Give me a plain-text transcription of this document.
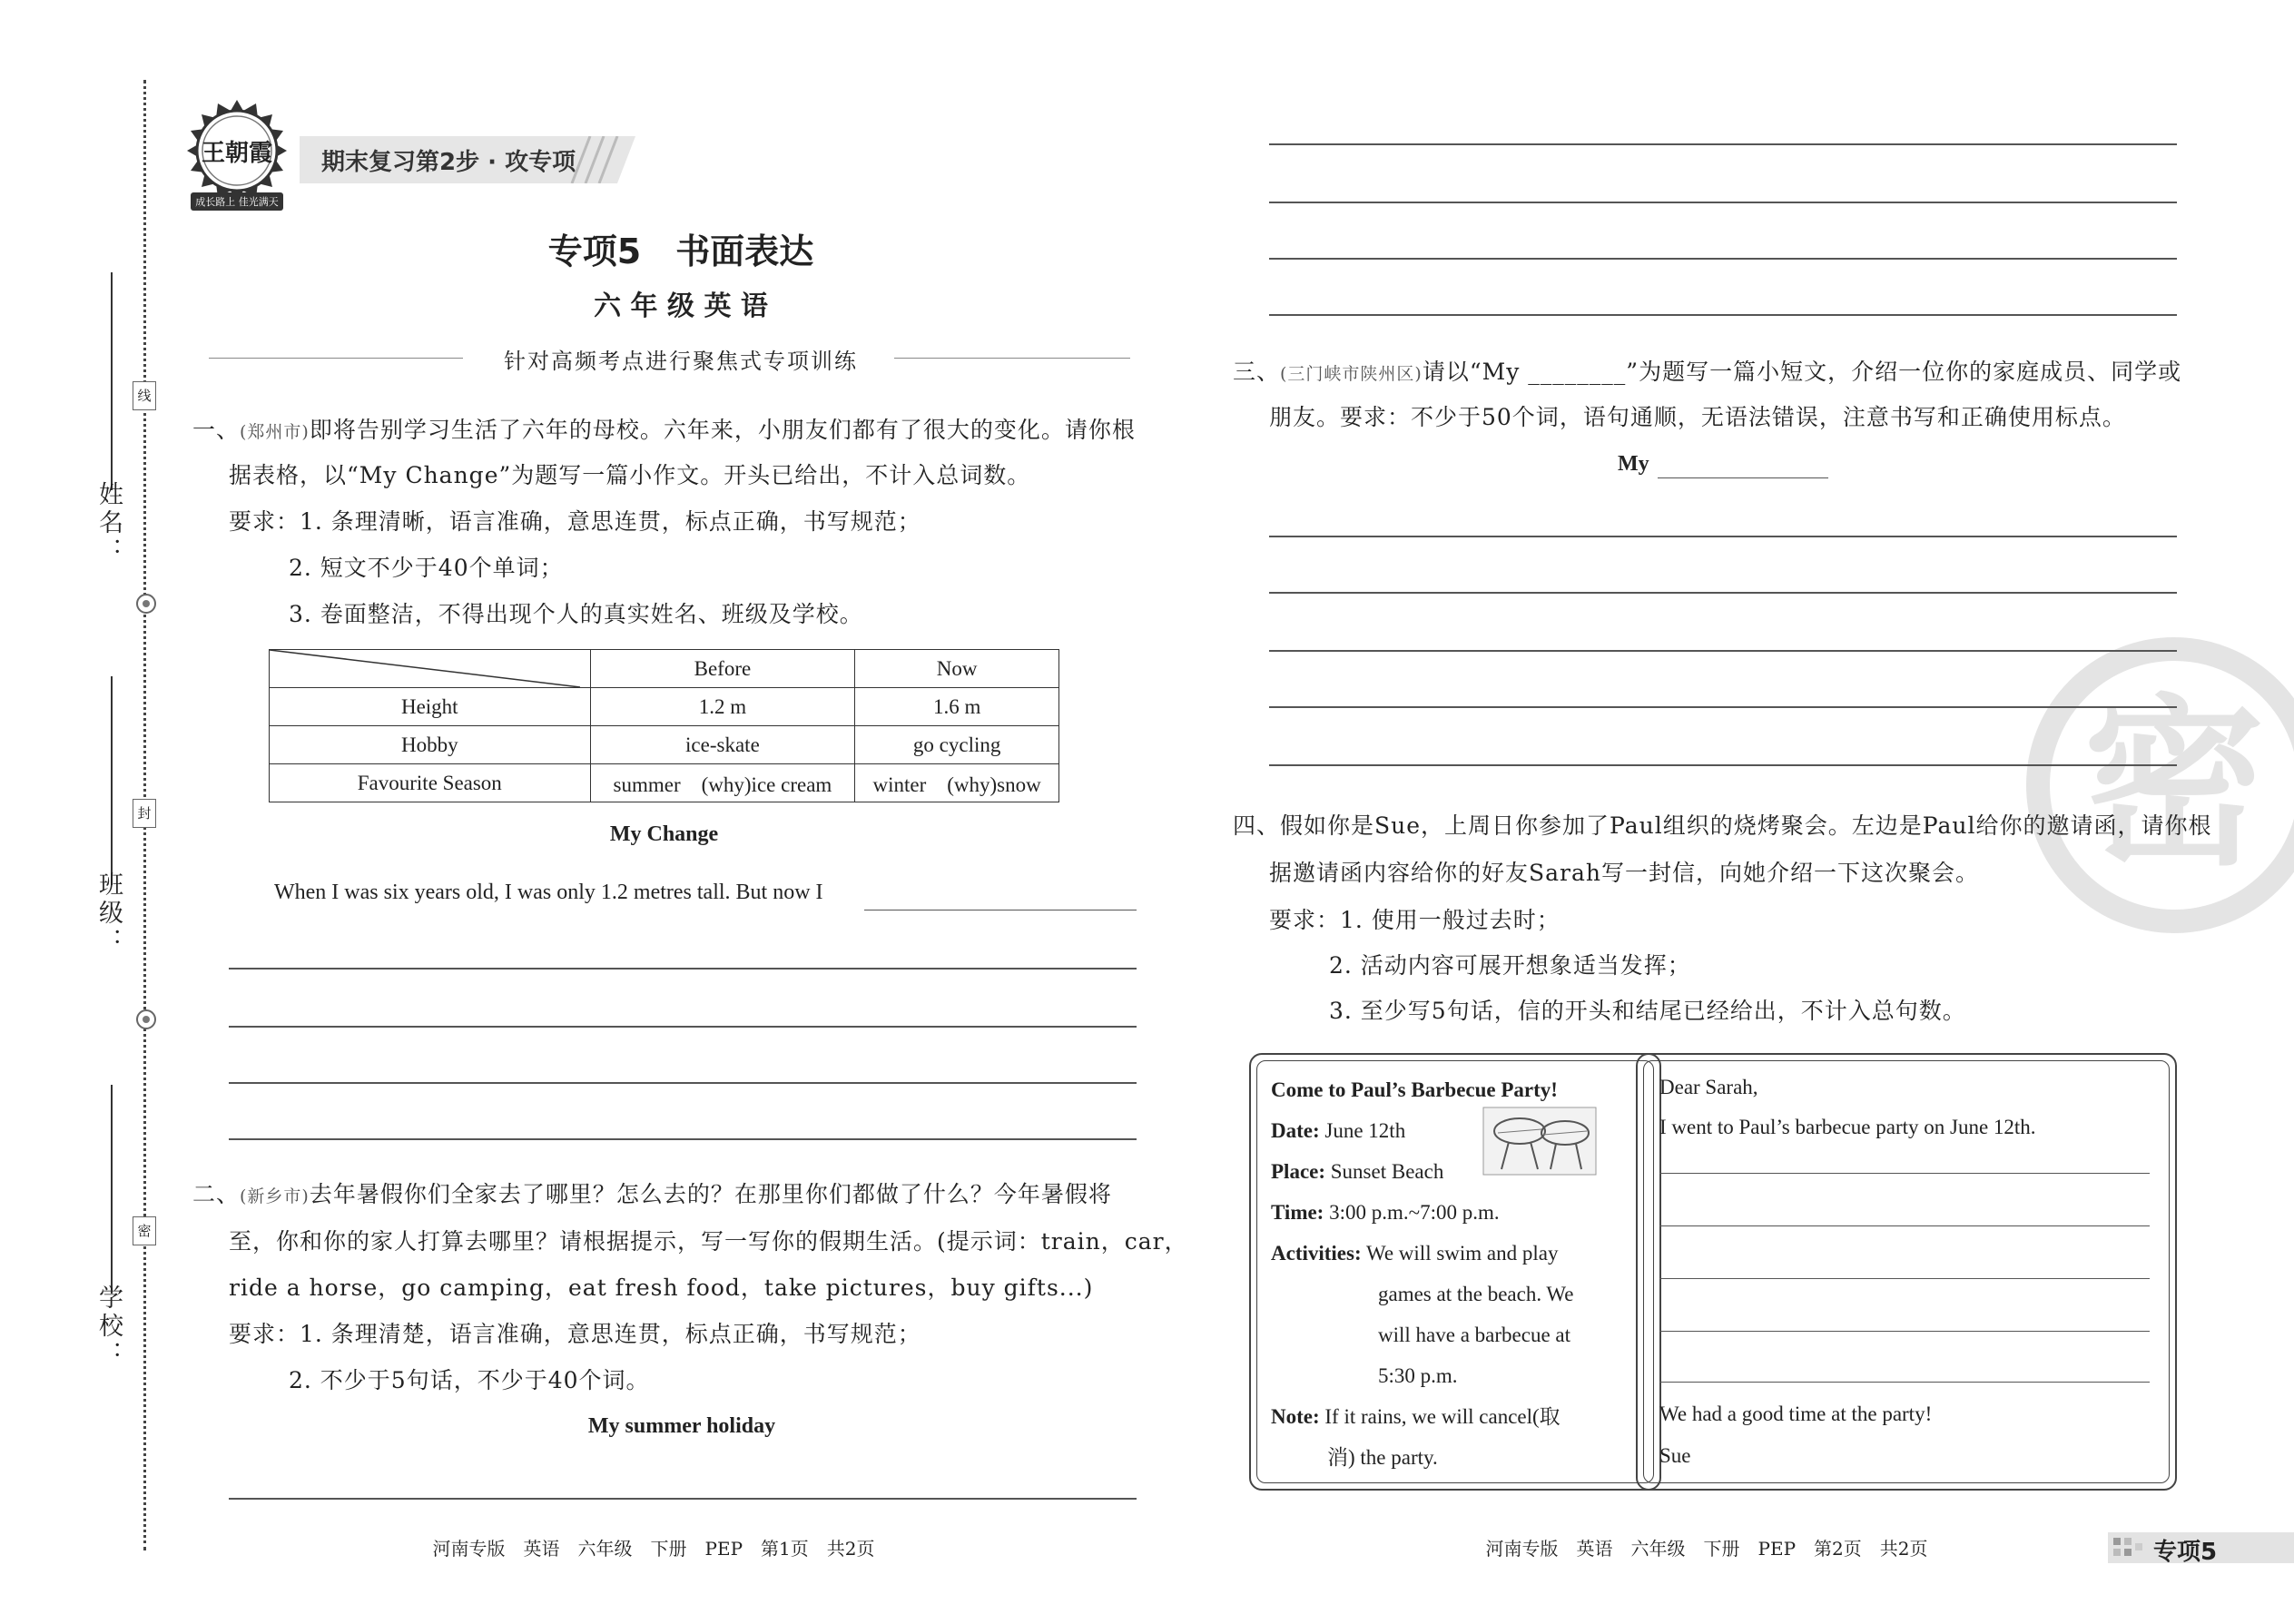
姓名：
班级：
学校：
线
封
密
王朝霞
成长路上 佳光满天
期末复习第2步 · 攻专项
专项5　书面表达
六 年 级 英 语
针对高频考点进行聚焦式专项训练
一、(郑州市)即将告别学习生活了六年的母校。六年来，小朋友们都有了很大的变化。请你根
据表格，以“My Change”为题写一篇小作文。开头已给出，不计入总词数。
要求：1. 条理清晰，语言准确，意思连贯，标点正确，书写规范；
2. 短文不少于40个单词；
3. 卷面整洁，不得出现个人的真实姓名、班级及学校。
	Before	Now
Height	1.2 m	1.6 m
Hobby	ice-skate	go cycling
Favourite Season	summer　(why)ice cream	winter　(why)snow
My Change
When I was six years old, I was only 1.2 metres tall. But now I
二、(新乡市)去年暑假你们全家去了哪里？怎么去的？在那里你们都做了什么？今年暑假将
至，你和你的家人打算去哪里？请根据提示，写一写你的假期生活。(提示词：train，car，
ride a horse，go camping，eat fresh food，take pictures，buy gifts...)
要求：1. 条理清楚，语言准确，意思连贯，标点正确，书写规范；
2. 不少于5句话，不少于40个词。
My summer holiday
河南专版　英语　六年级　下册　PEP　第1页　共2页
密
三、(三门峡市陕州区)请以“My ________”为题写一篇小短文，介绍一位你的家庭成员、同学或
朋友。要求：不少于50个词，语句通顺，无语法错误，注意书写和正确使用标点。
My
四、假如你是Sue，上周日你参加了Paul组织的烧烤聚会。左边是Paul给你的邀请函，请你根
据邀请函内容给你的好友Sarah写一封信，向她介绍一下这次聚会。
要求：1. 使用一般过去时；
2. 活动内容可展开想象适当发挥；
3. 至少写5句话，信的开头和结尾已经给出，不计入总句数。
Come to Paul’s Barbecue Party!
Date: June 12th
Place: Sunset Beach
Time: 3:00 p.m.~7:00 p.m.
Activities: We will swim and play
games at the beach. We
will have a barbecue at
5:30 p.m.
Note: If it rains, we will cancel(取
消) the party.
Dear Sarah,
I went to Paul’s barbecue party on June 12th.
We had a good time at the party!
Sue
河南专版　英语　六年级　下册　PEP　第2页　共2页	专项5
